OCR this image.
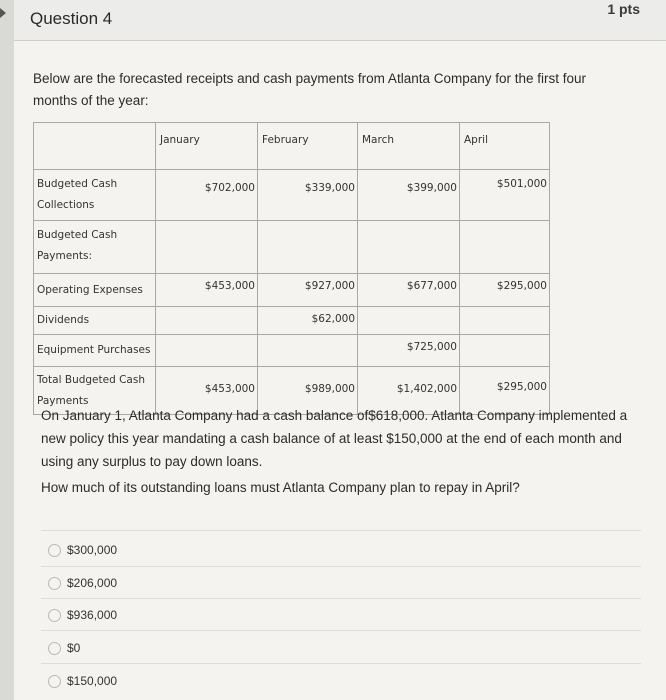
Question 4	1 pts
Below are the forecasted receipts and cash payments from Atlanta Company for the first four months of the year:
	January	February	March	April

Budgeted Cash Collections	$702,000	$339,000	$399,000	$501,000

Budgeted Cash Payments:				

Operating Expenses	$453,000	$927,000	$677,000	$295,000

Dividends		$62,000		

Equipment Purchases			$725,000	

Total Budgeted Cash Payments	$453,000	$989,000	$1,402,000	$295,000
On January 1, Atlanta Company had a cash balance of$618,000. Atlanta Company implemented a new policy this year mandating a cash balance of at least $150,000 at the end of each month and using any surplus to pay down loans.
How much of its outstanding loans must Atlanta Company plan to repay in April?
$300,000
$206,000
$936,000
$0
$150,000
